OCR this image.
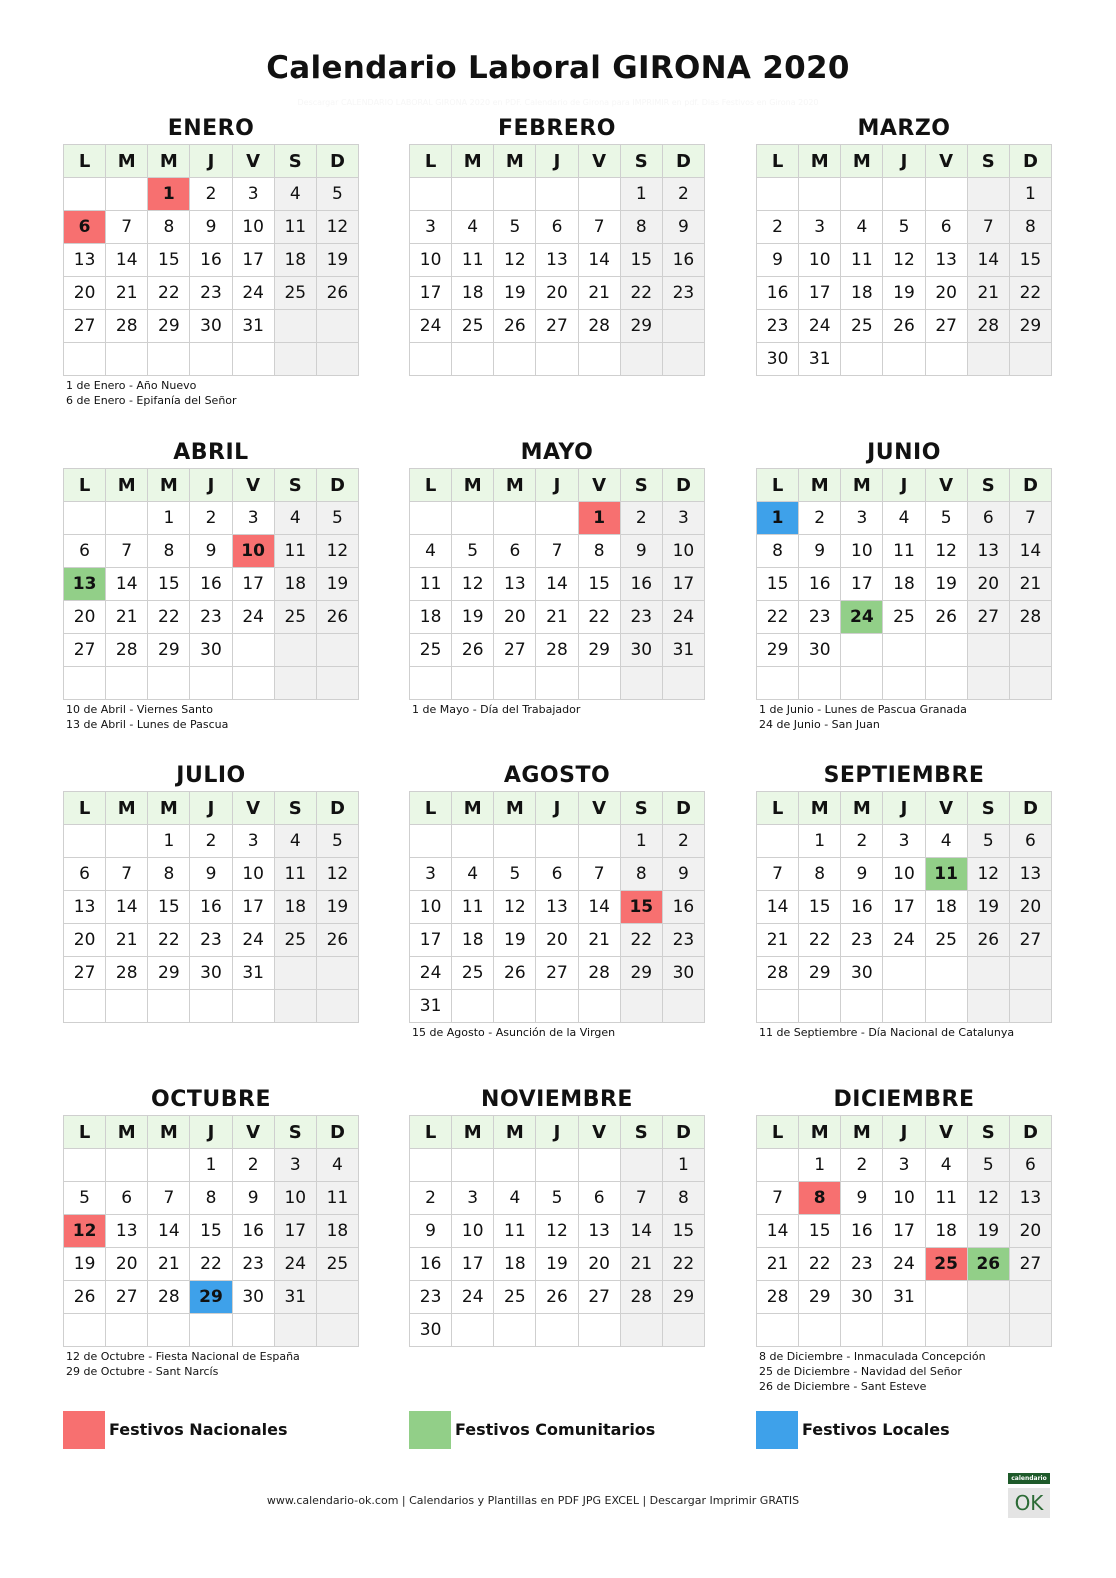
Calendario Laboral GIRONA 2020
Descargar CALENDARIO LABORAL GIRONA 2020 en PDF. Calendario de Girona para IMPRIMIR en pdf. Dias Festivos en Girona 2020
ENERO
L	M	M	J	V	S	D
		1	2	3	4	5
6	7	8	9	10	11	12
13	14	15	16	17	18	19
20	21	22	23	24	25	26
27	28	29	30	31		

1 de Enero - Año Nuevo
6 de Enero - Epifanía del Señor
FEBRERO
L	M	M	J	V	S	D
					1	2
3	4	5	6	7	8	9
10	11	12	13	14	15	16
17	18	19	20	21	22	23
24	25	26	27	28	29	

MARZO
L	M	M	J	V	S	D
						1
2	3	4	5	6	7	8
9	10	11	12	13	14	15
16	17	18	19	20	21	22
23	24	25	26	27	28	29
30	31					
ABRIL
L	M	M	J	V	S	D
		1	2	3	4	5
6	7	8	9	10	11	12
13	14	15	16	17	18	19
20	21	22	23	24	25	26
27	28	29	30			

10 de Abril - Viernes Santo
13 de Abril - Lunes de Pascua
MAYO
L	M	M	J	V	S	D
				1	2	3
4	5	6	7	8	9	10
11	12	13	14	15	16	17
18	19	20	21	22	23	24
25	26	27	28	29	30	31

1 de Mayo - Día del Trabajador
JUNIO
L	M	M	J	V	S	D
1	2	3	4	5	6	7
8	9	10	11	12	13	14
15	16	17	18	19	20	21
22	23	24	25	26	27	28
29	30					

1 de Junio - Lunes de Pascua Granada
24 de Junio - San Juan
JULIO
L	M	M	J	V	S	D
		1	2	3	4	5
6	7	8	9	10	11	12
13	14	15	16	17	18	19
20	21	22	23	24	25	26
27	28	29	30	31		

AGOSTO
L	M	M	J	V	S	D
					1	2
3	4	5	6	7	8	9
10	11	12	13	14	15	16
17	18	19	20	21	22	23
24	25	26	27	28	29	30
31						
15 de Agosto - Asunción de la Virgen
SEPTIEMBRE
L	M	M	J	V	S	D
	1	2	3	4	5	6
7	8	9	10	11	12	13
14	15	16	17	18	19	20
21	22	23	24	25	26	27
28	29	30				

11 de Septiembre - Día Nacional de Catalunya
OCTUBRE
L	M	M	J	V	S	D
			1	2	3	4
5	6	7	8	9	10	11
12	13	14	15	16	17	18
19	20	21	22	23	24	25
26	27	28	29	30	31	

12 de Octubre - Fiesta Nacional de España
29 de Octubre - Sant Narcís
NOVIEMBRE
L	M	M	J	V	S	D
						1
2	3	4	5	6	7	8
9	10	11	12	13	14	15
16	17	18	19	20	21	22
23	24	25	26	27	28	29
30						
DICIEMBRE
L	M	M	J	V	S	D
	1	2	3	4	5	6
7	8	9	10	11	12	13
14	15	16	17	18	19	20
21	22	23	24	25	26	27
28	29	30	31			

8 de Diciembre - Inmaculada Concepción
25 de Diciembre - Navidad del Señor
26 de Diciembre - Sant Esteve
Festivos Nacionales	Festivos Comunitarios	Festivos Locales
www.calendario-ok.com | Calendarios y Plantillas en PDF JPG EXCEL | Descargar Imprimir GRATIS
calendario
OK
